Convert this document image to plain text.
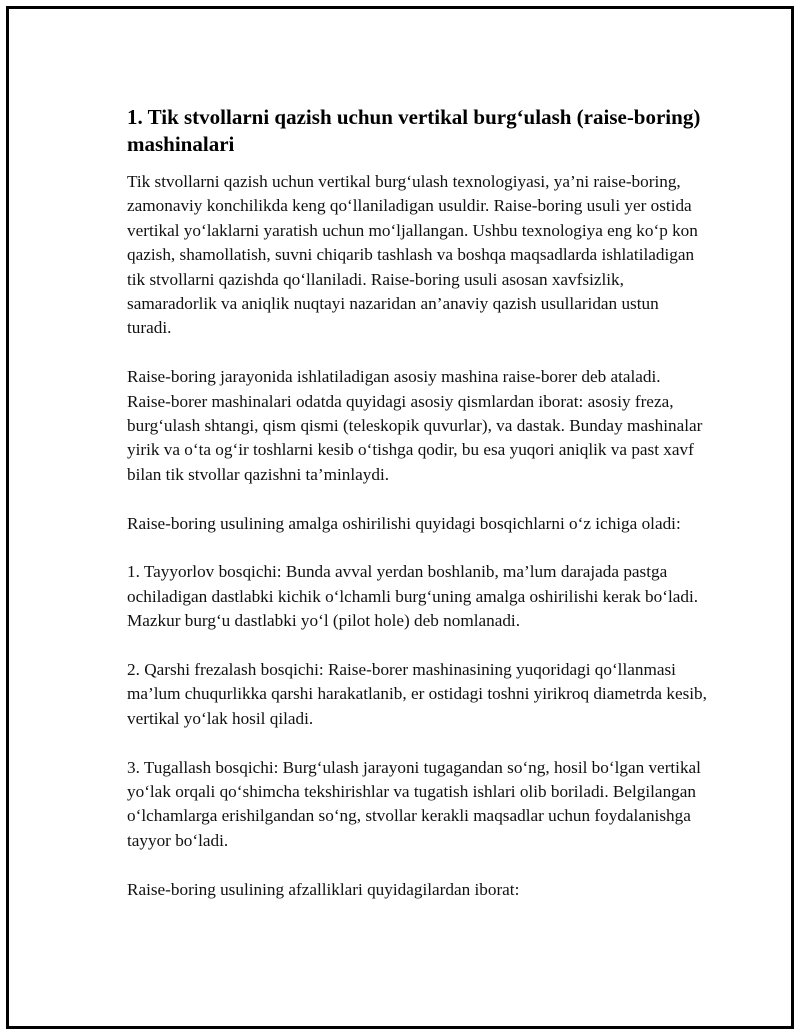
1. Tik stvollarni qazish uchun vertikal burg‘ulash (raise-boring) mashinalari

Tik stvollarni qazish uchun vertikal burg‘ulash texnologiyasi, ya’ni raise-boring, zamonaviy konchilikda keng qo‘llaniladigan usuldir. Raise-boring usuli yer ostida vertikal yo‘laklarni yaratish uchun mo‘ljallangan. Ushbu texnologiya eng ko‘p kon qazish, shamollatish, suvni chiqarib tashlash va boshqa maqsadlarda ishlatiladigan tik stvollarni qazishda qo‘llaniladi. Raise-boring usuli asosan xavfsizlik, samaradorlik va aniqlik nuqtayi nazaridan an’anaviy qazish usullaridan ustun turadi.

Raise-boring jarayonida ishlatiladigan asosiy mashina raise-borer deb ataladi. Raise-borer mashinalari odatda quyidagi asosiy qismlardan iborat: asosiy freza, burg‘ulash shtangi, qism qismi (teleskopik quvurlar), va dastak. Bunday mashinalar yirik va o‘ta og‘ir toshlarni kesib o‘tishga qodir, bu esa yuqori aniqlik va past xavf bilan tik stvollar qazishni ta’minlaydi.

Raise-boring usulining amalga oshirilishi quyidagi bosqichlarni o‘z ichiga oladi:

1. Tayyorlov bosqichi: Bunda avval yerdan boshlanib, ma’lum darajada pastga ochiladigan dastlabki kichik o‘lchamli burg‘uning amalga oshirilishi kerak bo‘ladi. Mazkur burg‘u dastlabki yo‘l (pilot hole) deb nomlanadi.

2. Qarshi frezalash bosqichi: Raise-borer mashinasining yuqoridagi qo‘llanmasi ma’lum chuqurlikka qarshi harakatlanib, er ostidagi toshni yirikroq diametrda kesib, vertikal yo‘lak hosil qiladi.

3. Tugallash bosqichi: Burg‘ulash jarayoni tugagandan so‘ng, hosil bo‘lgan vertikal yo‘lak orqali qo‘shimcha tekshirishlar va tugatish ishlari olib boriladi. Belgilangan o‘lchamlarga erishilgandan so‘ng, stvollar kerakli maqsadlar uchun foydalanishga tayyor bo‘ladi.

Raise-boring usulining afzalliklari quyidagilardan iborat:
